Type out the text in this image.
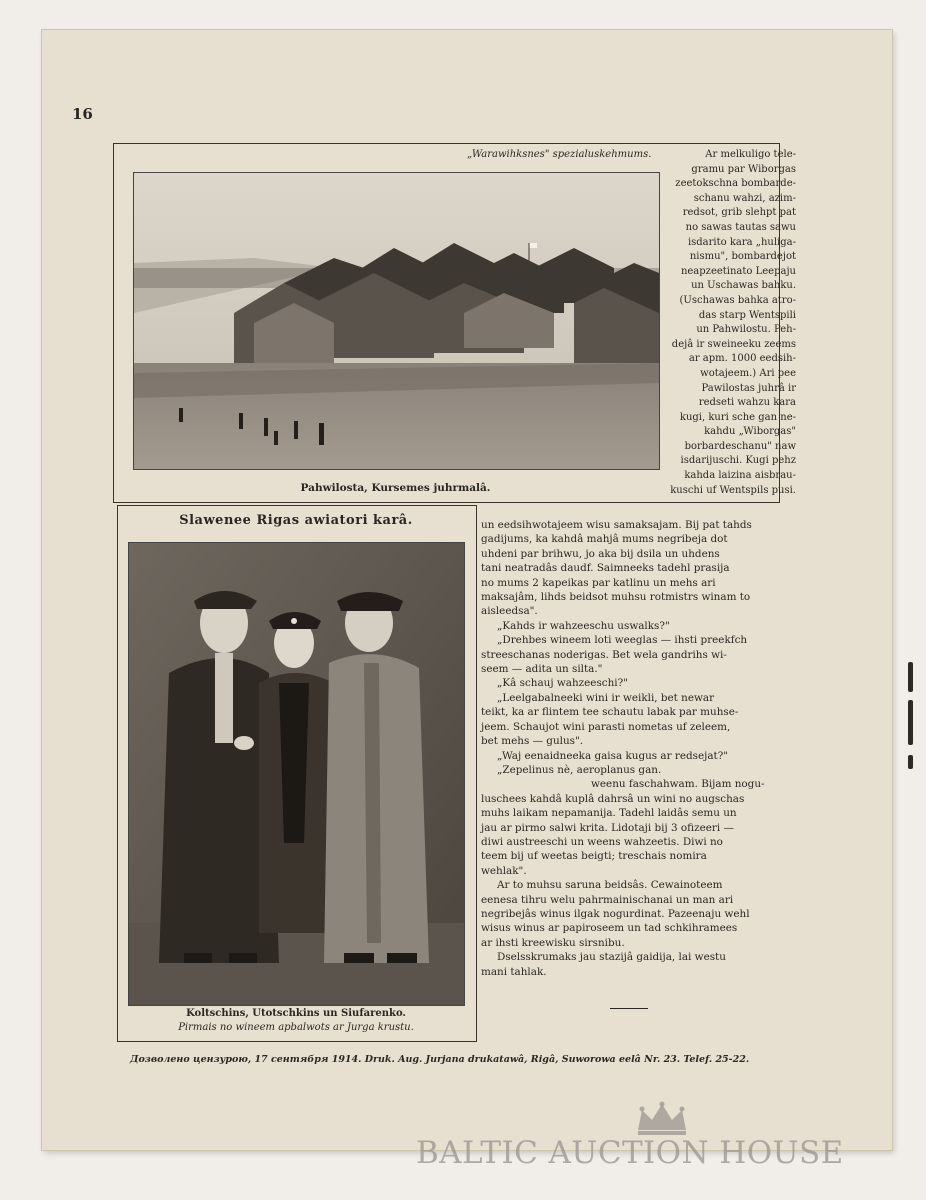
16
„Warawihksnes" spezialuskehmums.
Pahwilosta, Kursemes juhrmalâ.
Ar melkuligo tele-
gramu par Wiborgas
zeetokschna bombarde-
schanu wahzi, azim-
redsot, grib slehpt pat
no sawas tautas sawu
isdarito kara „huliga-
nismu", bombardejot
neapzeetinato Leepaju
un Uschawas bahku.
(Uschawas bahka atro-
das starp Wentspili
un Pahwilostu. Peh-
dejâ ir sweineeku zeems
ar apm. 1000 eedsih-
wotajeem.) Ari pee
Pawilostas juhrâ ir
redseti wahzu kara
kugi, kuri sche gan ne-
kahdu „Wiborgas"
borbardeschanu" naw
isdarijuschi. Kugi pehz
kahda laizina aisbrau-
kuschi uf Wentspils pusi.
Slawenee Rigas awiatori karâ.
Koltschins, Utotschkins un Siufarenko.
Pirmais no wineem apbalwots ar Jurga krustu.

un eedsihwotajeem wisu samaksajam. Bij pat tahds
gadijums, ka kahdâ mahjâ mums negribeja dot
uhdeni par brihwu, jo aka bij dsila un uhdens
tani neatradâs daudf. Saimneeks tadehl prasija
no mums 2 kapeikas par katlinu un mehs ari
maksajâm, lihds beidsot muhsu rotmistrs winam to
aisleedsa".

„Kahds ir wahzeeschu uswalks?"

„Drehbes wineem loti weeglas — ihsti preekfch
streeschanas noderigas. Bet wela gandrihs wi-
seem — adita un silta."

„Kâ schauj wahzeeschi?"

„Leelgabalneeki wini ir weikli, bet newar
teikt, ka ar flintem tee schautu labak par muhse-
jeem. Schaujot wini parasti nometas uf zeleem,
bet mehs — gulus".

„Waj eenaidneeka gaisa kugus ar redsejat?"

„Zepelinus nè, aeroplanus gan.
weenu faschahwam. Bijam nogu-
luschees kahdâ kuplâ dahrsâ un wini no augschas
muhs laikam nepamanija. Tadehl laidâs semu un
jau ar pirmo salwi krita. Lidotaji bij 3 ofizeeri —
diwi austreeschi un weens wahzeetis. Diwi no
teem bij uf weetas beigti; treschais nomira
wehlak".

Ar to muhsu saruna beidsâs. Cewainoteem
eenesa tihru welu pahrmainischanai un man ari
negribejâs winus ilgak nogurdinat. Pazeenaju wehl
wisus winus ar papiroseem un tad schkihramees
ar ihsti kreewisku sirsnibu.

Dselsskrumaks jau stazijâ gaidija, lai westu
mani tahlak.

Дозволено цензурою, 17 сентября 1914. Druk. Aug. Jurjana drukatawâ, Rigâ, Suworowa eelâ Nr. 23. Telef. 25-22.
BALTIC AUCTION HOUSE
